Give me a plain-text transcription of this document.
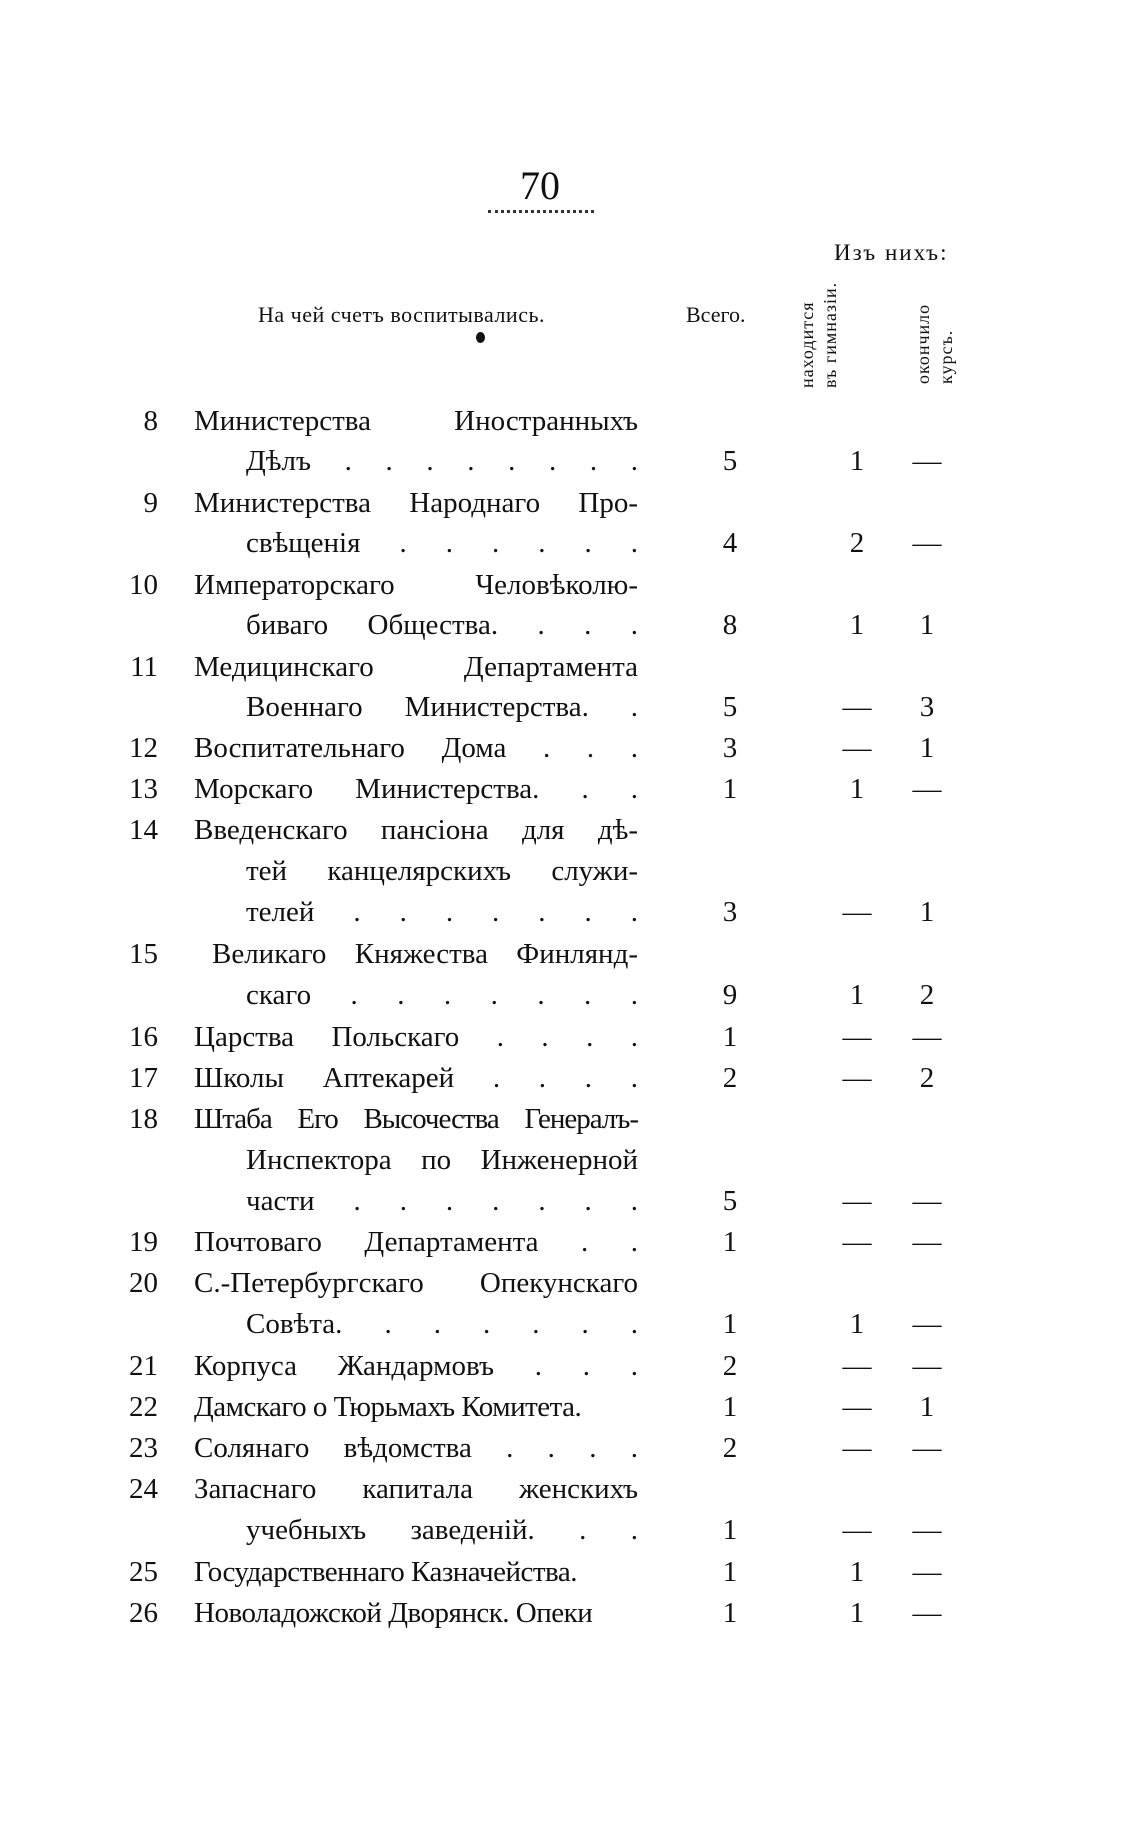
70
Изъ нихъ:
На чей счетъ воспитывались.	Всего.	находится въ гимназіи.	окончило курсъ.
8 Министерства Иностранныхъ
Дѣлъ . . . . . . . .	5	1	—
9 Министерства Народнаго Про-
свѣщенія . . . . . .	4	2	—
10 Императорскаго Человѣколю-
биваго Общества. . . .	8	1	1
11 Медицинскаго Департамента
Военнаго Министерства. .	5	—	3
12 Воспитательнаго Дома . . .	3	—	1
13 Морскаго Министерства. . .	1	1	—
14 Введенскаго пансіона для дѣ-
тей канцелярскихъ служи-
телей . . . . . . .	3	—	1
15 Великаго Княжества Финлянд-
скаго . . . . . . .	9	1	2
16 Царства Польскаго . . . .	1	—	—
17 Школы Аптекарей . . . .	2	—	2
18 Штаба Его Высочества Генералъ-
Инспектора по Инженерной
части . . . . . . .	5	—	—
19 Почтоваго Департамента . .	1	—	—
20 С.-Петербургскаго Опекунскаго
Совѣта. . . . . . .	1	1	—
21 Корпуса Жандармовъ . . .	2	—	—
22 Дамскаго о Тюрьмахъ Комитета.	1	—	1
23 Солянаго вѣдомства . . . .	2	—	—
24 Запаснаго капитала женскихъ
учебныхъ заведеній. . .	1	—	—
25 Государственнаго Казначейства.	1	1	—
26 Новоладожской Дворянск. Опеки	1	1	—
